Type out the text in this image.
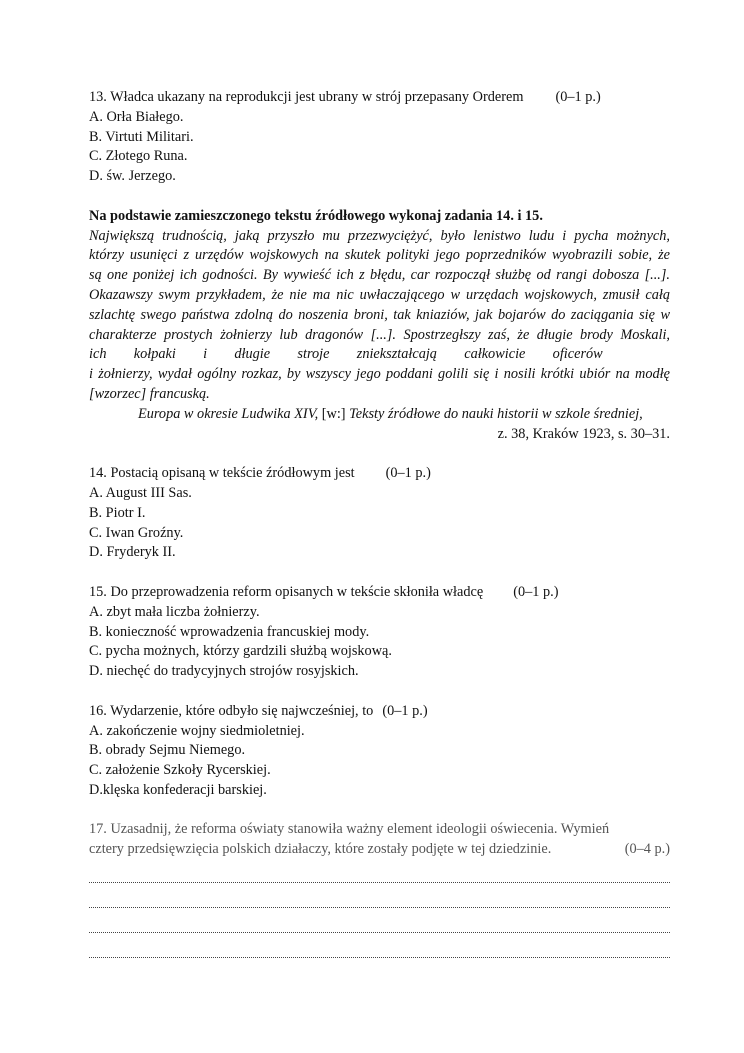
13. Władca ukazany na reprodukcji jest ubrany w strój przepasany Orderem (0–1 p.)
A. Orła Białego.
B. Virtuti Militari.
C. Złotego Runa.
D. św. Jerzego.
Na podstawie zamieszczonego tekstu źródłowego wykonaj zadania 14. i 15.
Największą trudnością, jaką przyszło mu przezwyciężyć, było lenistwo ludu i pycha możnych,
którzy usunięci z urzędów wojskowych na skutek polityki jego poprzedników wyobrazili sobie, że
są one poniżej ich godności. By wywieść ich z błędu, car rozpoczął służbę od rangi dobosza [...].
Okazawszy swym przykładem, że nie ma nic uwłaczającego w urzędach wojskowych, zmusił całą
szlachtę swego państwa zdolną do noszenia broni, tak kniaziów, jak bojarów do zaciągania się w
charakterze prostych żołnierzy lub dragonów [...]. Spostrzegłszy zaś, że długie brody Moskali,
ich kołpaki i długie stroje zniekształcają całkowicie oficerów
i żołnierzy, wydał ogólny rozkaz, by wszyscy jego poddani golili się i nosili krótki ubiór na modłę
[wzorzec] francuską.
Europa w okresie Ludwika XIV, [w:] Teksty źródłowe do nauki historii w szkole średniej,
z. 38, Kraków 1923, s. 30–31.
14. Postacią opisaną w tekście źródłowym jest (0–1 p.)
A. August III Sas.
B. Piotr I.
C. Iwan Groźny.
D. Fryderyk II.
15. Do przeprowadzenia reform opisanych w tekście skłoniła władcę (0–1 p.)
A. zbyt mała liczba żołnierzy.
B. konieczność wprowadzenia francuskiej mody.
C. pycha możnych, którzy gardzili służbą wojskową.
D. niechęć do tradycyjnych strojów rosyjskich.
16. Wydarzenie, które odbyło się najwcześniej, to (0–1 p.)
A. zakończenie wojny siedmioletniej.
B. obrady Sejmu Niemego.
C. założenie Szkoły Rycerskiej.
D.klęska konfederacji barskiej.
17. Uzasadnij, że reforma oświaty stanowiła ważny element ideologii oświecenia. Wymień
cztery przedsięwzięcia polskich działaczy, które zostały podjęte w tej dziedzinie.	(0–4 p.)
